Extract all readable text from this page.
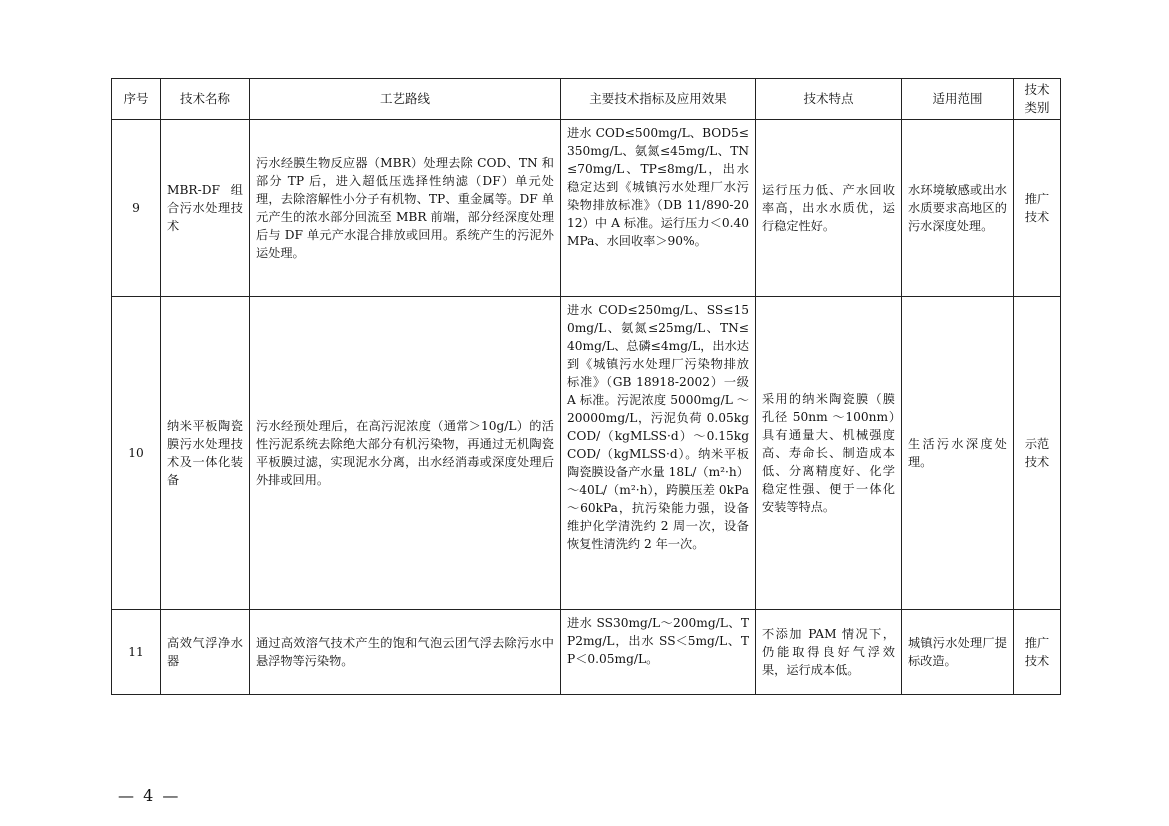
序号	技术名称	工艺路线	主要技术指标及应用效果	技术特点	适用范围	技术类别
9	MBR-DF 组合污水处理技术	污水经膜生物反应器（MBR）处理去除 COD、TN 和部分 TP 后，进入超低压选择性纳滤（DF）单元处理，去除溶解性小分子有机物、TP、重金属等。DF 单元产生的浓水部分回流至 MBR 前端，部分经深度处理后与 DF 单元产水混合排放或回用。系统产生的污泥外运处理。	进水 COD≤500mg/L、BOD5≤350mg/L、氨氮≤45mg/L、TN≤70mg/L、TP≤8mg/L，出水稳定达到《城镇污水处理厂水污染物排放标准》（DB 11/890-2012）中 A 标准。运行压力＜0.40MPa、水回收率＞90%。	运行压力低、产水回收率高，出水水质优，运行稳定性好。	水环境敏感或出水水质要求高地区的污水深度处理。	推广技术
10	纳米平板陶瓷膜污水处理技术及一体化装备	污水经预处理后，在高污泥浓度（通常＞10g/L）的活性污泥系统去除绝大部分有机污染物，再通过无机陶瓷平板膜过滤，实现泥水分离，出水经消毒或深度处理后外排或回用。	进水 COD≤250mg/L、SS≤150mg/L、氨氮≤25mg/L、TN≤40mg/L、总磷≤4mg/L，出水达到《城镇污水处理厂污染物排放标准》（GB 18918-2002）一级 A 标准。污泥浓度 5000mg/L ～20000mg/L，污泥负荷 0.05kgCOD/（kgMLSS·d）～0.15kgCOD/（kgMLSS·d）。纳米平板陶瓷膜设备产水量 18L/（m²·h）～40L/（m²·h），跨膜压差 0kPa～60kPa，抗污染能力强，设备维护化学清洗约 2 周一次，设备恢复性清洗约 2 年一次。	采用的纳米陶瓷膜（膜孔径 50nm ～100nm）具有通量大、机械强度高、寿命长、制造成本低、分离精度好、化学稳定性强、便于一体化安装等特点。	生活污水深度处理。	示范技术
11	高效气浮净水器	通过高效溶气技术产生的饱和气泡云团气浮去除污水中悬浮物等污染物。	进水 SS30mg/L～200mg/L、TP2mg/L，出水 SS＜5mg/L、TP＜0.05mg/L。	不添加 PAM 情况下，仍能取得良好气浮效果，运行成本低。	城镇污水处理厂提标改造。	推广技术
— 4 —
